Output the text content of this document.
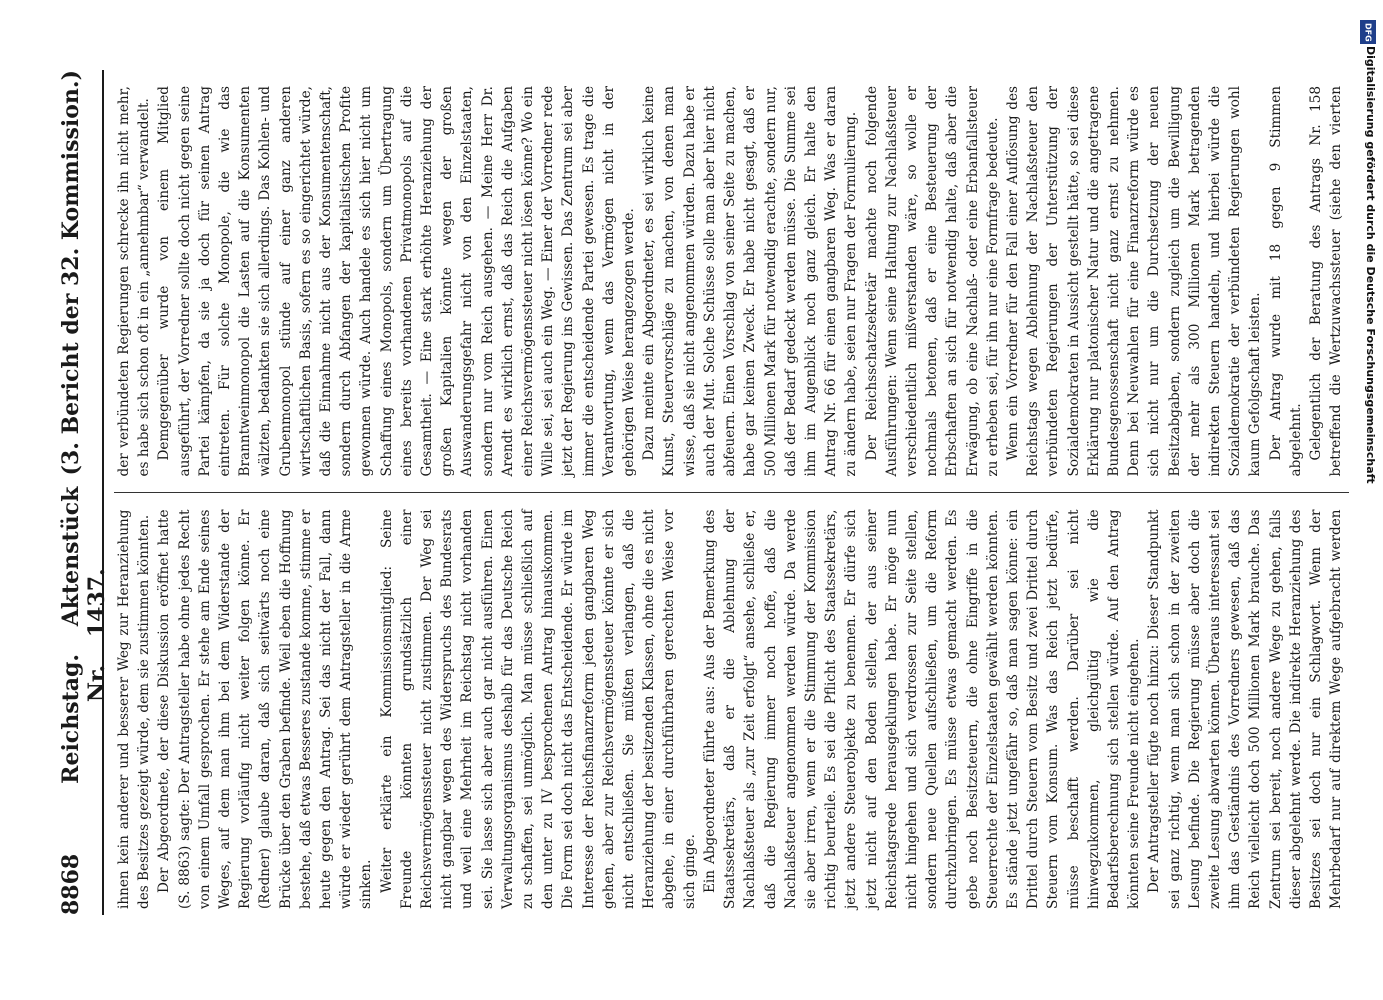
8868
Reichstag. Aktenstück Nr. 1437.
(3. Bericht der 32. Kommission.)

ihnen kein anderer und besserer Weg zur Heranziehung des Besitzes gezeigt würde, dem sie zustimmen könnten. Der Abgeordnete, der diese Diskussion eröffnet hatte (S. 8863) sagte: Der Antragsteller habe ohne jedes Recht von einem Umfall gesprochen. Er stehe am Ende seines Weges, auf dem man ihm bei dem Widerstande der Regierung vorläufig nicht weiter folgen könne. Er (Redner) glaube daran, daß sich seitwärts noch eine Brücke über den Graben befinde. Weil eben die Hoffnung bestehe, daß etwas Besseres zustande komme, stimme er heute gegen den Antrag. Sei das nicht der Fall, dann würde er wieder gerührt dem Antragsteller in die Arme sinken. Weiter erklärte ein Kommissionsmitglied: Seine Freunde könnten grundsätzlich einer Reichsvermögenssteuer nicht zustimmen. Der Weg sei nicht gangbar wegen des Widerspruchs des Bundesrats und weil eine Mehrheit im Reichstag nicht vorhanden sei. Sie lasse sich aber auch gar nicht ausführen. Einen Verwaltungsorganismus deshalb für das Deutsche Reich zu schaffen, sei unmöglich. Man müsse schließlich auf den unter zu IV besprochenen Antrag hinauskommen. Die Form sei doch nicht das Entscheidende. Er würde im Interesse der Reichsfinanzreform jeden gangbaren Weg gehen, aber zur Reichsvermögenssteuer könnte er sich nicht entschließen. Sie müßten verlangen, daß die Heranziehung der besitzenden Klassen, ohne die es nicht abgehe, in einer durchführbaren gerechten Weise vor sich ginge. Ein Abgeordneter führte aus: Aus der Bemerkung des Staatssekretärs, daß er die Ablehnung der Nachlaßsteuer als „zur Zeit erfolgt“ ansehe, schließe er, daß die Regierung immer noch hoffe, daß die Nachlaßsteuer angenommen werden würde. Da werde sie aber irren, wenn er die Stimmung der Kommission richtig beurteile. Es sei die Pflicht des Staatssekretärs, jetzt andere Steuerobjekte zu benennen. Er dürfe sich jetzt nicht auf den Boden stellen, der aus seiner Reichstagsrede herausgeklungen habe. Er möge nun nicht hingehen und sich verdrossen zur Seite stellen, sondern neue Quellen aufschließen, um die Reform durchzubringen. Es müsse etwas gemacht werden. Es gebe noch Besitzsteuern, die ohne Eingriffe in die Steuerrechte der Einzelstaaten gewählt werden könnten. Es stände jetzt ungefähr so, daß man sagen könne: ein Drittel durch Steuern vom Besitz und zwei Drittel durch Steuern vom Konsum. Was das Reich jetzt bedürfe, müsse beschafft werden. Darüber sei nicht hinwegzukommen, gleichgültig wie die Bedarfsberechnung sich stellen würde. Auf den Antrag könnten seine Freunde nicht eingehen. Der Antragsteller fügte noch hinzu: Dieser Standpunkt sei ganz richtig, wenn man sich schon in der zweiten Lesung befinde. Die Regierung müsse aber doch die zweite Lesung abwarten können. Überaus interessant sei ihm das Geständnis des Vorredners gewesen, daß das Reich vielleicht doch 500 Millionen Mark brauche. Das Zentrum sei bereit, noch andere Wege zu gehen, falls dieser abgelehnt werde. Die indirekte Heranziehung des Besitzes sei doch nur ein Schlagwort. Wenn der Mehrbedarf nur auf direktem Wege aufgebracht werden

der verbündeten Regierungen schrecke ihn nicht mehr, es habe sich schon oft in ein „annehmbar“ verwandelt. Demgegenüber wurde von einem Mitglied ausgeführt, der Vorredner sollte doch nicht gegen seine Partei kämpfen, da sie ja doch für seinen Antrag eintreten. Für solche Monopole, die wie das Branntweinmonopol die Lasten auf die Konsumenten wälzten, bedankten sie sich allerdings. Das Kohlen- und Grubenmonopol stünde auf einer ganz anderen wirtschaftlichen Basis, sofern es so eingerichtet würde, daß die Einnahme nicht aus der Konsumentenschaft, sondern durch Abfangen der kapitalistischen Profite gewonnen würde. Auch handele es sich hier nicht um Schaffung eines Monopols, sondern um Übertragung eines bereits vorhandenen Privatmonopols auf die Gesamtheit. — Eine stark erhöhte Heranziehung der großen Kapitalien könnte wegen der großen Auswanderungsgefahr nicht von den Einzelstaaten, sondern nur vom Reich ausgehen. — Meine Herr Dr. Arendt es wirklich ernst, daß das Reich die Aufgaben einer Reichsvermögenssteuer nicht lösen könne? Wo ein Wille sei, sei auch ein Weg. — Einer der Vorredner rede jetzt der Regierung ins Gewissen. Das Zentrum sei aber immer die entscheidende Partei gewesen. Es trage die Verantwortung, wenn das Vermögen nicht in der gehörigen Weise herangezogen werde. Dazu meinte ein Abgeordneter, es sei wirklich keine Kunst, Steuervorschläge zu machen, von denen man wisse, daß sie nicht angenommen würden. Dazu habe er auch der Mut. Solche Schüsse solle man aber hier nicht abfeuern. Einen Vorschlag von seiner Seite zu machen, habe gar keinen Zweck. Er habe nicht gesagt, daß er 500 Millionen Mark für notwendig erachte, sondern nur, daß der Bedarf gedeckt werden müsse. Die Summe sei ihm im Augenblick noch ganz gleich. Er halte den Antrag Nr. 66 für einen gangbaren Weg. Was er daran zu ändern habe, seien nur Fragen der Formulierung. Der Reichsschatzsekretär machte noch folgende Ausführungen: Wenn seine Haltung zur Nachlaßsteuer verschiedentlich mißverstanden wäre, so wolle er nochmals betonen, daß er eine Besteuerung der Erbschaften an sich für notwendig halte, daß aber die Erwägung, ob eine Nachlaß- oder eine Erbanfallsteuer zu erheben sei, für ihn nur eine Formfrage bedeute. Wenn ein Vorredner für den Fall einer Auflösung des Reichstags wegen Ablehnung der Nachlaßsteuer den verbündeten Regierungen der Unterstützung der Sozialdemokraten in Aussicht gestellt hätte, so sei diese Erklärung nur platonischer Natur und die angetragene Bundesgenossenschaft nicht ganz ernst zu nehmen. Denn bei Neuwahlen für eine Finanzreform würde es sich nicht nur um die Durchsetzung der neuen Besitzabgaben, sondern zugleich um die Bewilligung der mehr als 300 Millionen Mark betragenden indirekten Steuern handeln, und hierbei würde die Sozialdemokratie der verbündeten Regierungen wohl kaum Gefolgschaft leisten. Der Antrag wurde mit 18 gegen 9 Stimmen abgelehnt. Gelegentlich der Beratung des Antrags Nr. 158 betreffend die Wertzuwachssteuer (siehe den vierten

DFG
Digitalisierung gefördert durch die Deutsche Forschungsgemeinschaft
